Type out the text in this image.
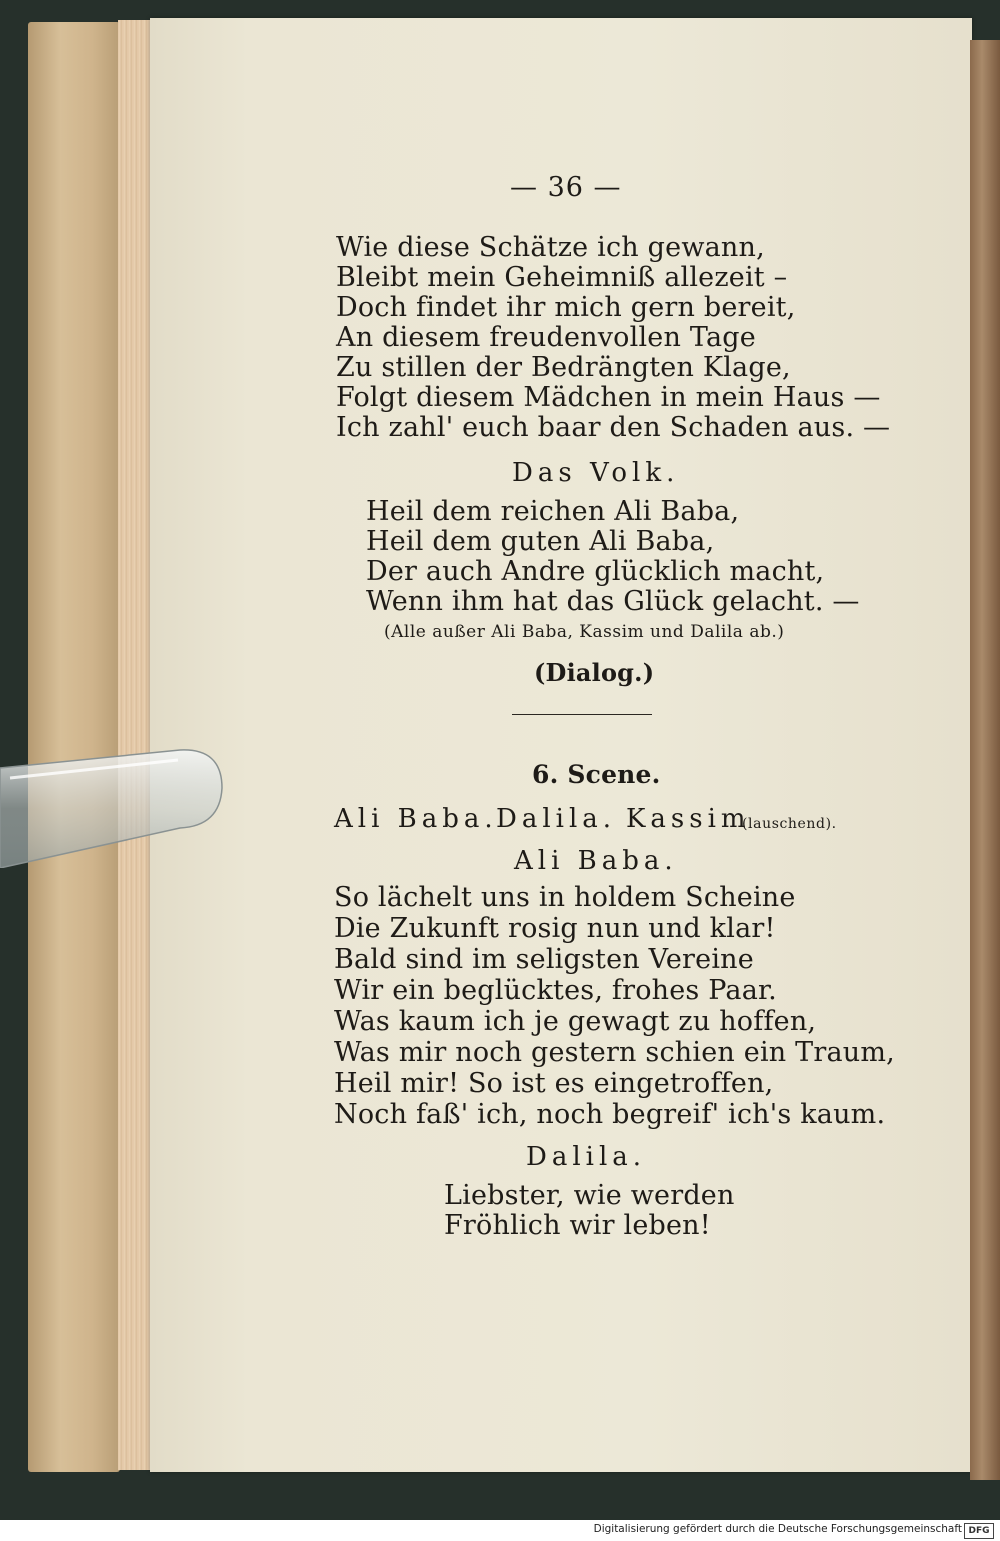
— 36 —
Wie diese Schätze ich gewann,
Bleibt mein Geheimniß allezeit –
Doch findet ihr mich gern bereit,
An diesem freudenvollen Tage
Zu stillen der Bedrängten Klage,
Folgt diesem Mädchen in mein Haus —
Ich zahl' euch baar den Schaden aus. —
Das Volk.
Heil dem reichen Ali Baba,
Heil dem guten Ali Baba,
Der auch Andre glücklich macht,
Wenn ihm hat das Glück gelacht. —
(Alle außer Ali Baba, Kassim und Dalila ab.)
(Dialog.)
6. Scene.
Ali Baba.
Dalila. Kassim
(lauschend).
Ali Baba.
So lächelt uns in holdem Scheine
Die Zukunft rosig nun und klar!
Bald sind im seligsten Vereine
Wir ein beglücktes, frohes Paar.
Was kaum ich je gewagt zu hoffen,
Was mir noch gestern schien ein Traum,
Heil mir! So ist es eingetroffen,
Noch faß' ich, noch begreif' ich's kaum.
Dalila.
Liebster, wie werden
Fröhlich wir leben!
Digitalisierung gefördert durch die Deutsche Forschungsgemeinschaft DFG
